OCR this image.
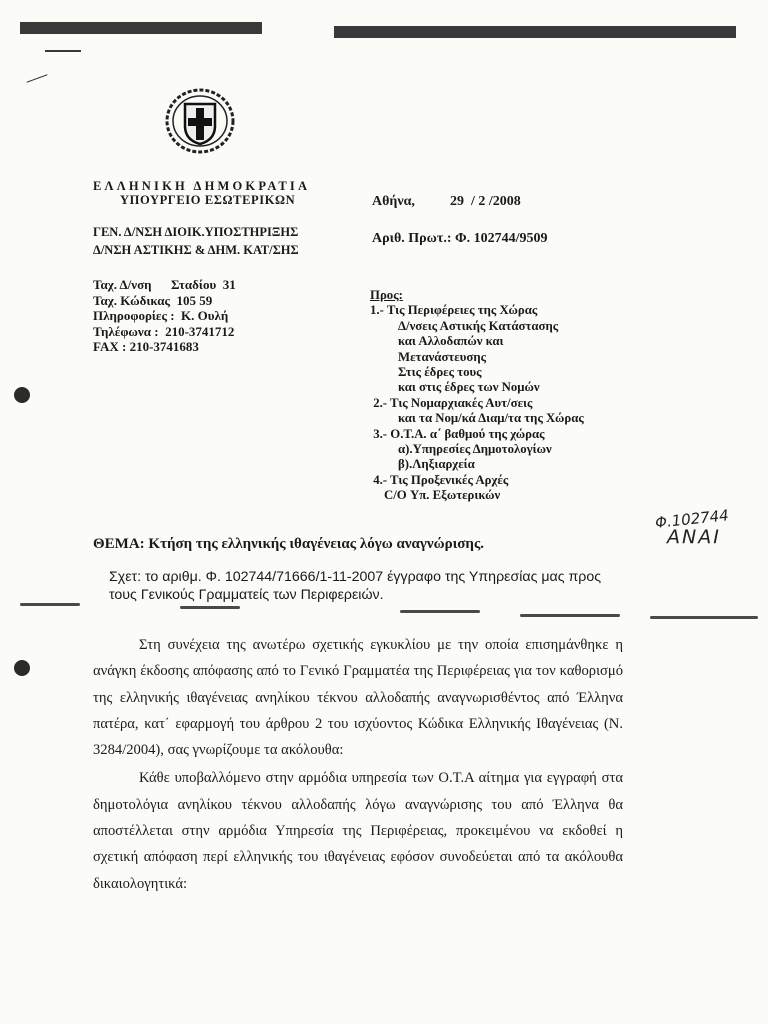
ΕΛΛΗΝΙΚΗ ΔΗΜΟΚΡΑΤΙΑ
ΥΠΟΥΡΓΕΙΟ ΕΣΩΤΕΡΙΚΩΝ
ΓΕΝ. Δ/ΝΣΗ ΔΙΟΙΚ.ΥΠΟΣΤΗΡΙΞΗΣ
Δ/ΝΣΗ ΑΣΤΙΚΗΣ & ΔΗΜ. ΚΑΤ/ΣΗΣ
Ταχ. Δ/νση      Σταδίου  31
Ταχ. Κώδικας  105 59
Πληροφορίες :  Κ. Ουλή
Τηλέφωνα :  210-3741712
FAX : 210-3741683
Αθήνα,	29  / 2 /2008
Αριθ. Πρωτ.: Φ. 102744/9509
Προς:
1.- Τις Περιφέρειες της Χώρας
Δ/νσεις Αστικής Κατάστασης
και Αλλοδαπών και
Μετανάστευσης
Στις έδρες τους
και στις έδρες των Νομών
2.- Τις Νομαρχιακές Αυτ/σεις
και τα Νομ/κά Διαμ/τα της Χώρας
3.- Ο.Τ.Α. α΄ βαθμού της χώρας
α).Υπηρεσίες Δημοτολογίων
β).Ληξιαρχεία
4.- Τις Προξενικές Αρχές
C/O Υπ. Εξωτερικών
Φ.102744
ΑΝΑΙ
ΘΕΜΑ: Κτήση της ελληνικής ιθαγένειας λόγω αναγνώρισης.
Σχετ: το αριθμ. Φ. 102744/71666/1-11-2007 έγγραφο της Υπηρεσίας μας προς τους Γενικούς Γραμματείς των Περιφερειών.

Στη συνέχεια της ανωτέρω σχετικής εγκυκλίου με την οποία επισημάνθηκε η ανάγκη έκδοσης απόφασης από το Γενικό Γραμματέα της Περιφέρειας για τον καθορισμό της ελληνικής ιθαγένειας ανηλίκου τέκνου αλλοδαπής αναγνωρισθέντος από Έλληνα πατέρα, κατ΄ εφαρμογή του άρθρου 2 του ισχύοντος Κώδικα Ελληνικής Ιθαγένειας (Ν. 3284/2004), σας γνωρίζουμε τα ακόλουθα:

Κάθε υποβαλλόμενο στην αρμόδια υπηρεσία των Ο.Τ.Α αίτημα για εγγραφή στα δημοτολόγια ανηλίκου τέκνου αλλοδαπής λόγω αναγνώρισης του από Έλληνα θα αποστέλλεται στην αρμόδια Υπηρεσία της Περιφέρειας, προκειμένου να εκδοθεί η σχετική απόφαση περί ελληνικής του ιθαγένειας εφόσον συνοδεύεται από τα ακόλουθα δικαιολογητικά:
